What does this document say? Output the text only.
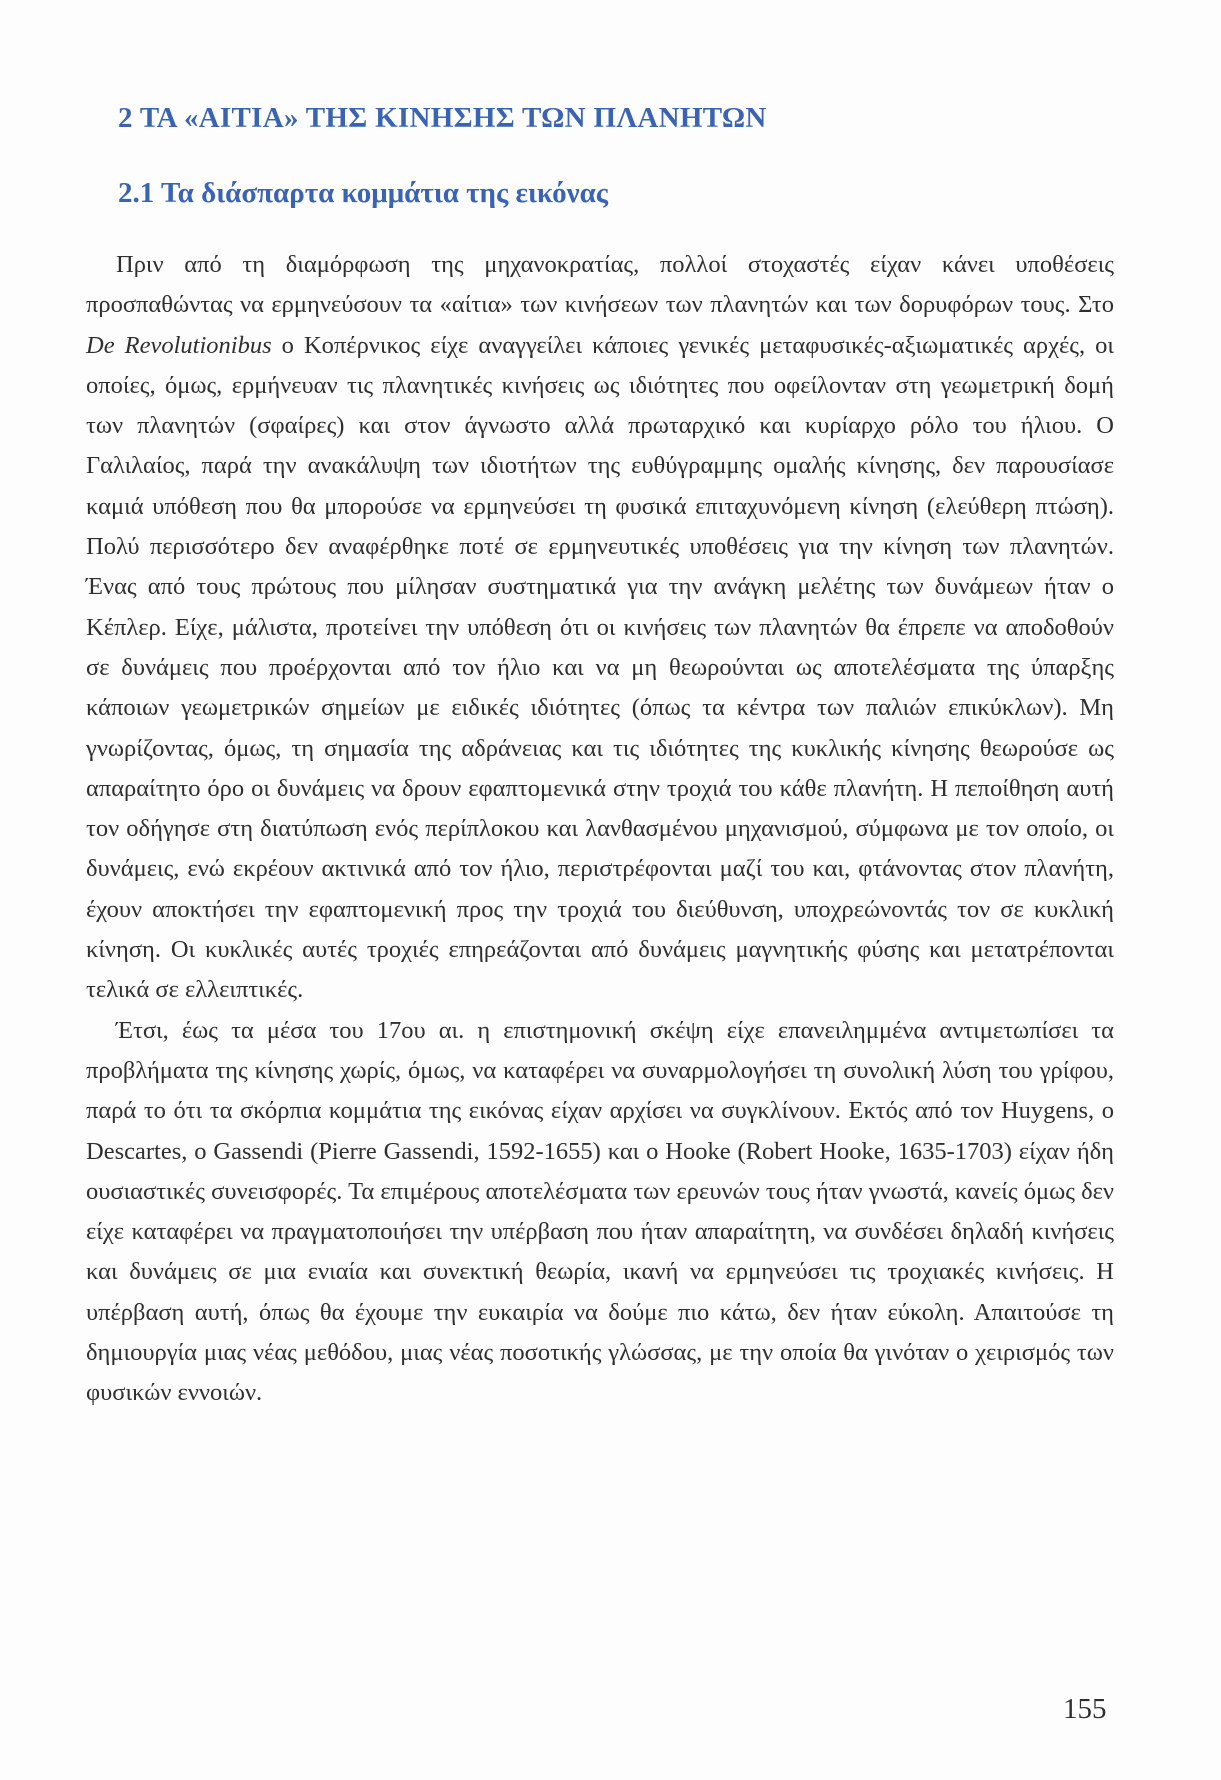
2 ΤΑ «ΑΙΤΙΑ» ΤΗΣ ΚΙΝΗΣΗΣ ΤΩΝ ΠΛΑΝΗΤΩΝ
2.1 Τα διάσπαρτα κομμάτια της εικόνας

Πριν από τη διαμόρφωση της μηχανοκρατίας, πολλοί στοχαστές είχαν κάνει υποθέσεις προσπαθώντας να ερμηνεύσουν τα «αίτια» των κινήσεων των πλανητών και των δορυφόρων τους. Στο De Revolutionibus ο Κοπέρνικος είχε αναγγείλει κάποιες γενικές μεταφυσικές-αξιωματικές αρχές, οι οποίες, όμως, ερμήνευαν τις πλανητικές κινήσεις ως ιδιότητες που οφείλονταν στη γεωμετρική δομή των πλανητών (σφαίρες) και στον άγνωστο αλλά πρωταρχικό και κυρίαρχο ρόλο του ήλιου. Ο Γαλιλαίος, παρά την ανακάλυψη των ιδιοτήτων της ευθύγραμμης ομαλής κίνησης, δεν παρουσίασε καμιά υπόθεση που θα μπορούσε να ερμηνεύσει τη φυσικά επιταχυνόμενη κίνηση (ελεύθερη πτώση). Πολύ περισσότερο δεν αναφέρθηκε ποτέ σε ερμηνευτικές υποθέσεις για την κίνηση των πλανητών. Ένας από τους πρώτους που μίλησαν συστηματικά για την ανάγκη μελέτης των δυνάμεων ήταν ο Κέπλερ. Είχε, μάλιστα, προτείνει την υπόθεση ότι οι κινήσεις των πλανητών θα έπρεπε να αποδοθούν σε δυνάμεις που προέρχονται από τον ήλιο και να μη θεωρούνται ως αποτελέσματα της ύπαρξης κάποιων γεωμετρικών σημείων με ειδικές ιδιότητες (όπως τα κέντρα των παλιών επικύκλων). Μη γνωρίζοντας, όμως, τη σημασία της αδράνειας και τις ιδιότητες της κυκλικής κίνησης θεωρούσε ως απαραίτητο όρο οι δυνάμεις να δρουν εφαπτομενικά στην τροχιά του κάθε πλανήτη. Η πεποίθηση αυτή τον οδήγησε στη διατύπωση ενός περίπλοκου και λανθασμένου μηχανισμού, σύμφωνα με τον οποίο, οι δυνάμεις, ενώ εκρέουν ακτινικά από τον ήλιο, περιστρέφονται μαζί του και, φτάνοντας στον πλανήτη, έχουν αποκτήσει την εφαπτομενική προς την τροχιά του διεύθυνση, υποχρεώνοντάς τον σε κυκλική κίνηση. Οι κυκλικές αυτές τροχιές επηρεάζονται από δυνάμεις μαγνητικής φύσης και μετατρέπονται τελικά σε ελλειπτικές.

Έτσι, έως τα μέσα του 17ου αι. η επιστημονική σκέψη είχε επανειλημμένα αντιμετωπίσει τα προβλήματα της κίνησης χωρίς, όμως, να καταφέρει να συναρμολογήσει τη συνολική λύση του γρίφου, παρά το ότι τα σκόρπια κομμάτια της εικόνας είχαν αρχίσει να συγκλίνουν. Εκτός από τον Huygens, ο Descartes, ο Gassendi (Pierre Gassendi, 1592-1655) και ο Hooke (Robert Hooke, 1635-1703) είχαν ήδη ουσιαστικές συνεισφορές. Τα επιμέρους αποτελέσματα των ερευνών τους ήταν γνωστά, κανείς όμως δεν είχε καταφέρει να πραγματοποιήσει την υπέρβαση που ήταν απαραίτητη, να συνδέσει δηλαδή κινήσεις και δυνάμεις σε μια ενιαία και συνεκτική θεωρία, ικανή να ερμηνεύσει τις τροχιακές κινήσεις. Η υπέρβαση αυτή, όπως θα έχουμε την ευκαιρία να δούμε πιο κάτω, δεν ήταν εύκολη. Απαιτούσε τη δημιουργία μιας νέας μεθόδου, μιας νέας ποσοτικής γλώσσας, με την οποία θα γινόταν ο χειρισμός των φυσικών εννοιών.

155
